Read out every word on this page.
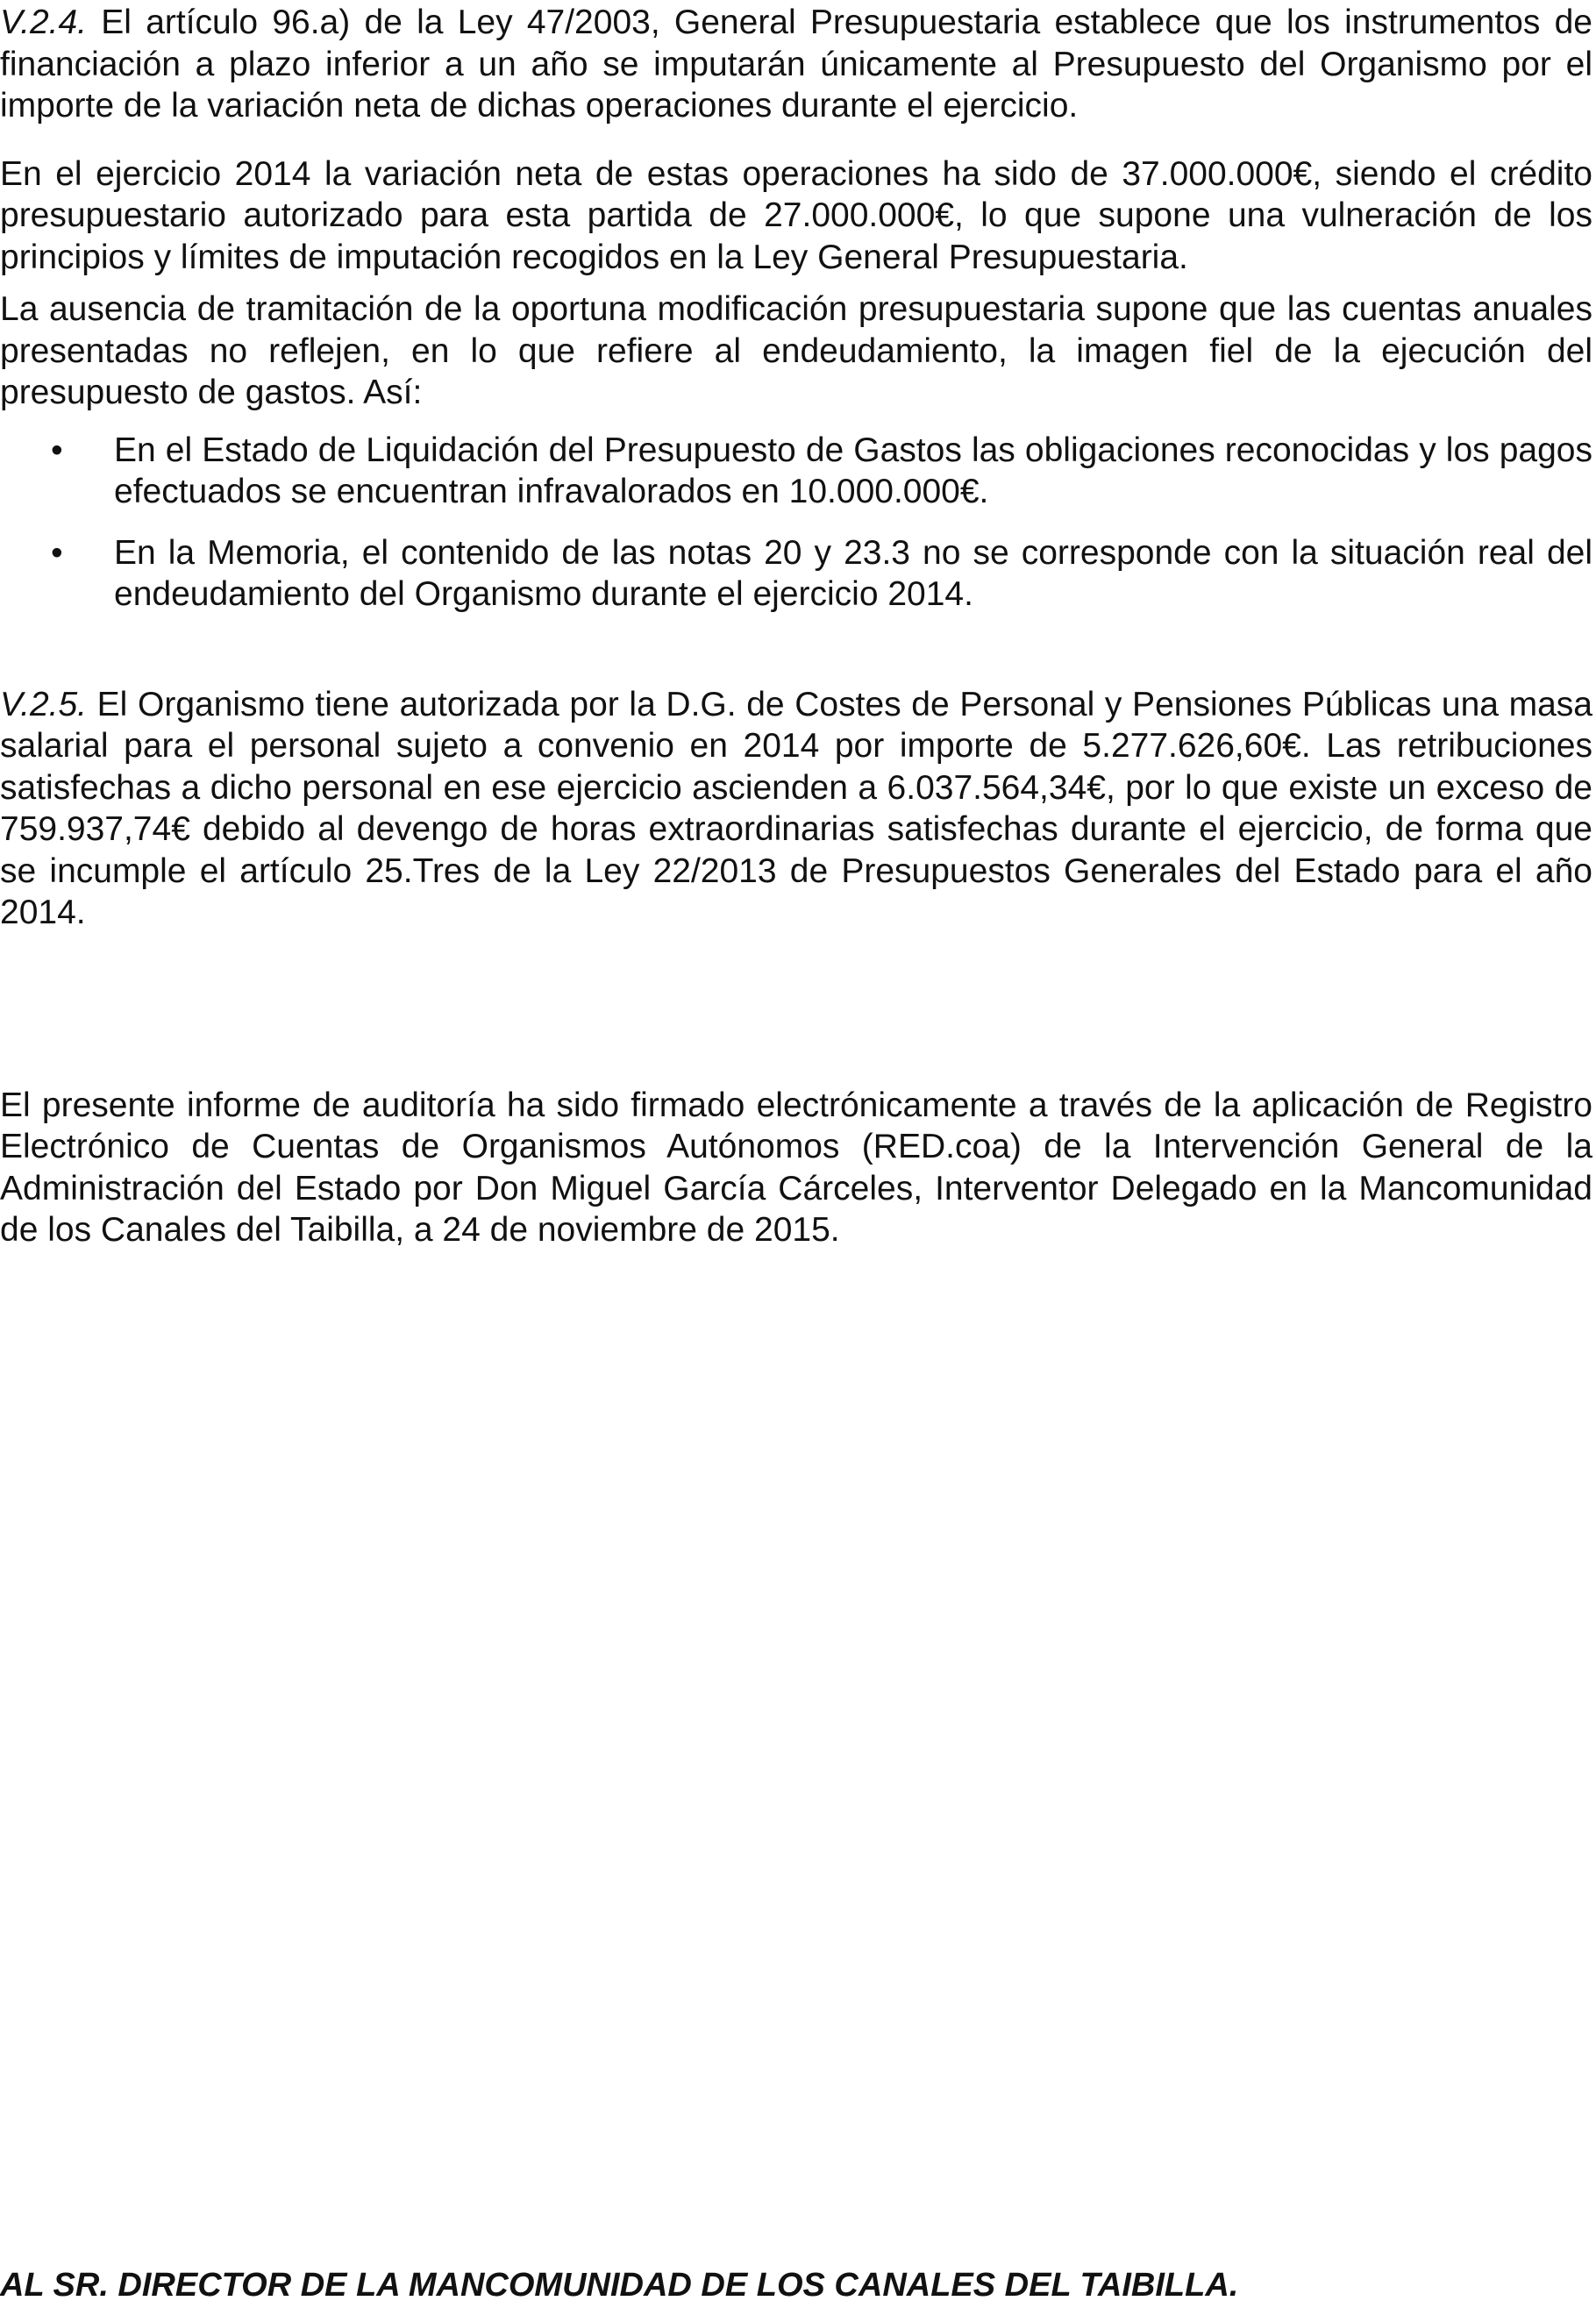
V.2.4. El artículo 96.a) de la Ley 47/2003, General Presupuestaria establece que los instrumentos de financiación a plazo inferior a un año se imputarán únicamente al Presupuesto del Organismo por el importe de la variación neta de dichas operaciones durante el ejercicio.

En el ejercicio 2014 la variación neta de estas operaciones ha sido de 37.000.000€, siendo el crédito presupuestario autorizado para esta partida de 27.000.000€, lo que supone una vulneración de los principios y límites de imputación recogidos en la Ley General Presupuestaria.

La ausencia de tramitación de la oportuna modificación presupuestaria supone que las cuentas anuales presentadas no reflejen, en lo que refiere al endeudamiento, la imagen fiel de la ejecución del presupuesto de gastos. Así:

• En el Estado de Liquidación del Presupuesto de Gastos las obligaciones reconocidas y los pagos efectuados se encuentran infravalorados en 10.000.000€.
• En la Memoria, el contenido de las notas 20 y 23.3 no se corresponde con la situación real del endeudamiento del Organismo durante el ejercicio 2014.

V.2.5. El Organismo tiene autorizada por la D.G. de Costes de Personal y Pensiones Públicas una masa salarial para el personal sujeto a convenio en 2014 por importe de 5.277.626,60€. Las retribuciones satisfechas a dicho personal en ese ejercicio ascienden a 6.037.564,34€, por lo que existe un exceso de 759.937,74€ debido al devengo de horas extraordinarias satisfechas durante el ejercicio, de forma que se incumple el artículo 25.Tres de la Ley 22/2013 de Presupuestos Generales del Estado para el año 2014.

El presente informe de auditoría ha sido firmado electrónicamente a través de la aplicación de Registro Electrónico de Cuentas de Organismos Autónomos (RED.coa) de la Intervención General de la Administración del Estado por Don Miguel García Cárceles, Interventor Delegado en la Mancomunidad de los Canales del Taibilla, a 24 de noviembre de 2015.

AL SR. DIRECTOR DE LA MANCOMUNIDAD DE LOS CANALES DEL TAIBILLA.
